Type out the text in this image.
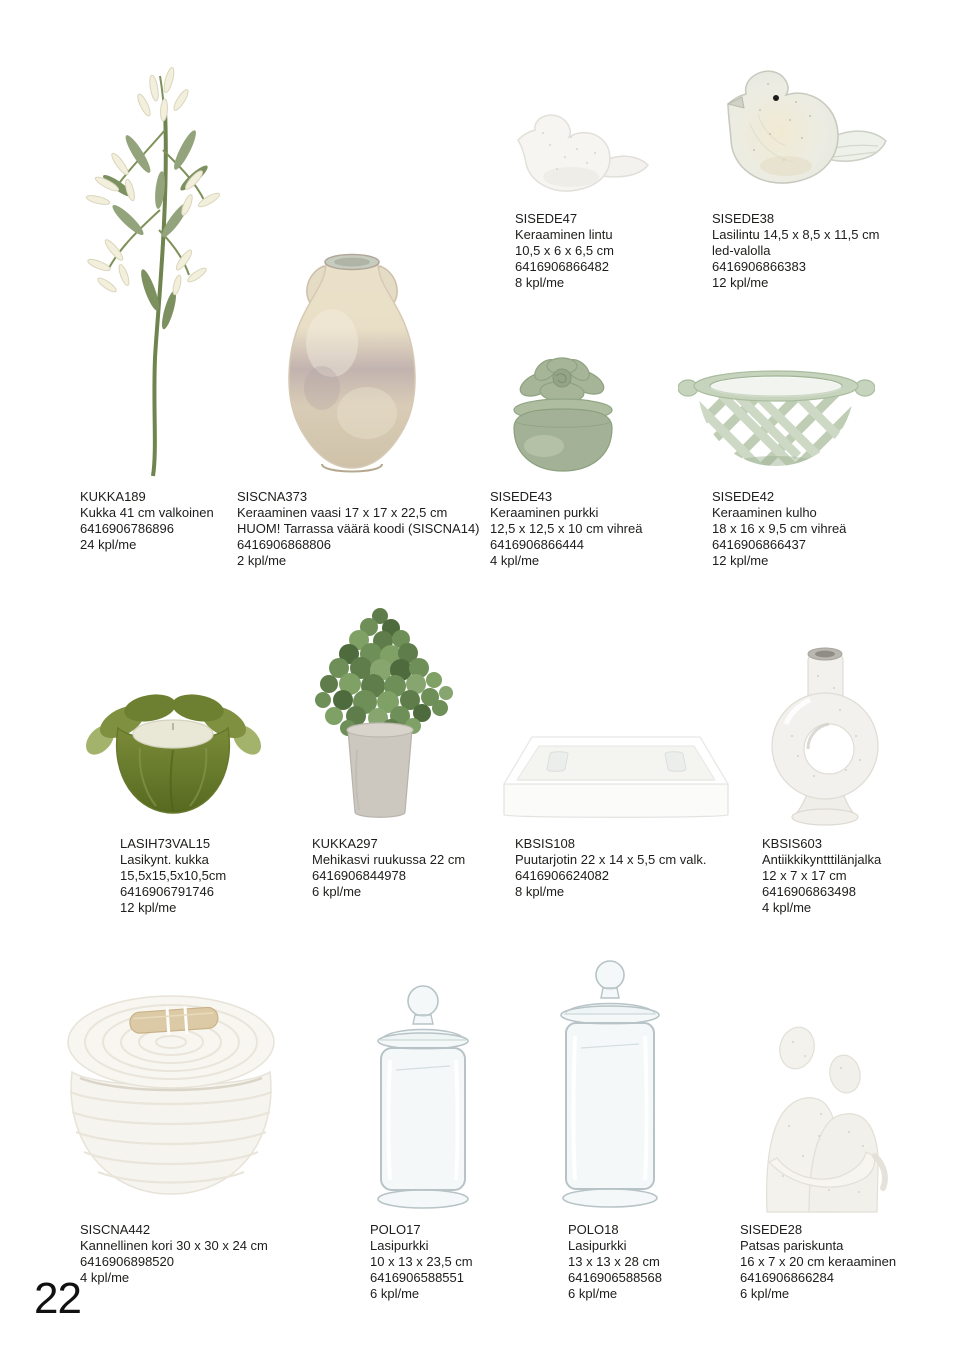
KUKKA189
Kukka 41 cm valkoinen
6416906786896
24 kpl/me
SISCNA373
Keraaminen vaasi 17 x 17 x 22,5 cm
HUOM! Tarrassa väärä koodi (SISCNA14)
6416906868806
2 kpl/me
SISEDE47
Keraaminen lintu
10,5 x 6 x 6,5 cm
6416906866482
8 kpl/me
SISEDE38
Lasilintu 14,5 x 8,5 x 11,5 cm
led-valolla
6416906866383
12 kpl/me
SISEDE43
Keraaminen purkki
12,5 x 12,5 x 10 cm vihreä
6416906866444
4 kpl/me
SISEDE42
Keraaminen kulho
18 x 16 x 9,5 cm vihreä
6416906866437
12 kpl/me
LASIH73VAL15
Lasikynt. kukka
15,5x15,5x10,5cm
6416906791746
12 kpl/me
KUKKA297
Mehikasvi ruukussa 22 cm
6416906844978
6 kpl/me
KBSIS108
Puutarjotin 22 x 14 x 5,5 cm valk.
6416906624082
8 kpl/me
KBSIS603
Antiikkikyntttilänjalka
12 x 7 x 17 cm
6416906863498
4 kpl/me
SISCNA442
Kannellinen kori 30 x 30 x 24 cm
6416906898520
4 kpl/me
POLO17
Lasipurkki
10 x 13 x 23,5 cm
6416906588551
6 kpl/me
POLO18
Lasipurkki
13 x 13 x 28 cm
6416906588568
6 kpl/me
SISEDE28
Patsas pariskunta
16 x 7 x 20 cm keraaminen
6416906866284
6 kpl/me
22
